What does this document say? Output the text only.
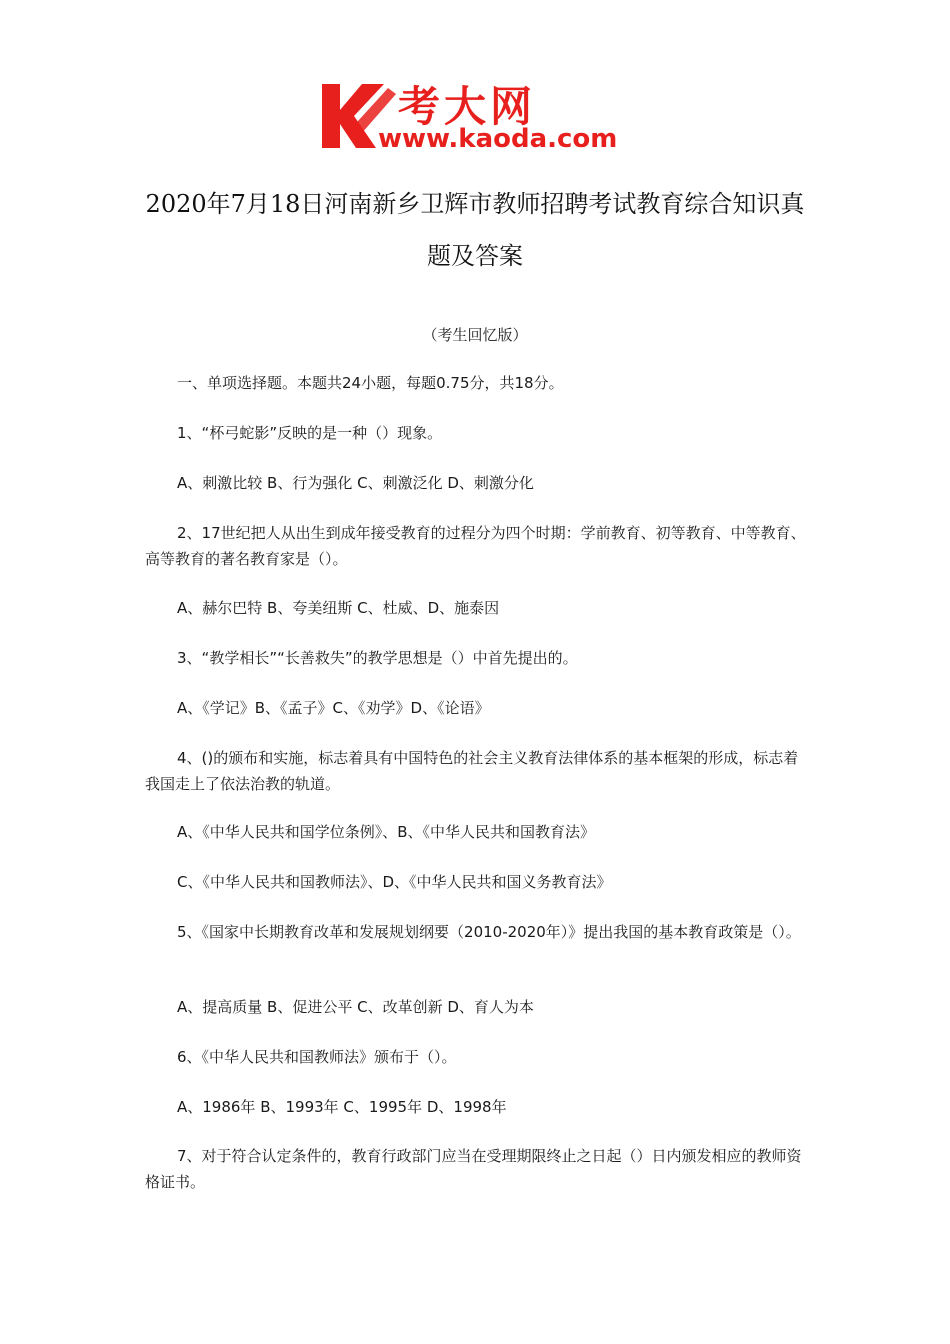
考大网
www.kaoda.com
2020年7月18日河南新乡卫辉市教师招聘考试教育综合知识真题及答案
（考生回忆版）

一、单项选择题。本题共24小题，每题0.75分，共18分。

1、“杯弓蛇影”反映的是一种（）现象。

A、刺激比较 B、行为强化 C、刺激泛化 D、刺激分化

2、17世纪把人从出生到成年接受教育的过程分为四个时期：学前教育、初等教育、中等教育、高等教育的著名教育家是（）。

A、赫尔巴特 B、夸美纽斯 C、杜威、D、施泰因

3、“教学相长”“长善救失”的教学思想是（）中首先提出的。

A、《学记》B、《孟子》C、《劝学》D、《论语》

4、()的颁布和实施，标志着具有中国特色的社会主义教育法律体系的基本框架的形成，标志着我国走上了依法治教的轨道。

A、《中华人民共和国学位条例》、B、《中华人民共和国教育法》

C、《中华人民共和国教师法》、D、《中华人民共和国义务教育法》

5、《国家中长期教育改革和发展规划纲要（2010-2020年）》提出我国的基本教育政策是（）。

A、提高质量 B、促进公平 C、改革创新 D、育人为本

6、《中华人民共和国教师法》颁布于（）。

A、1986年 B、1993年 C、1995年 D、1998年

7、对于符合认定条件的，教育行政部门应当在受理期限终止之日起（）日内颁发相应的教师资格证书。
